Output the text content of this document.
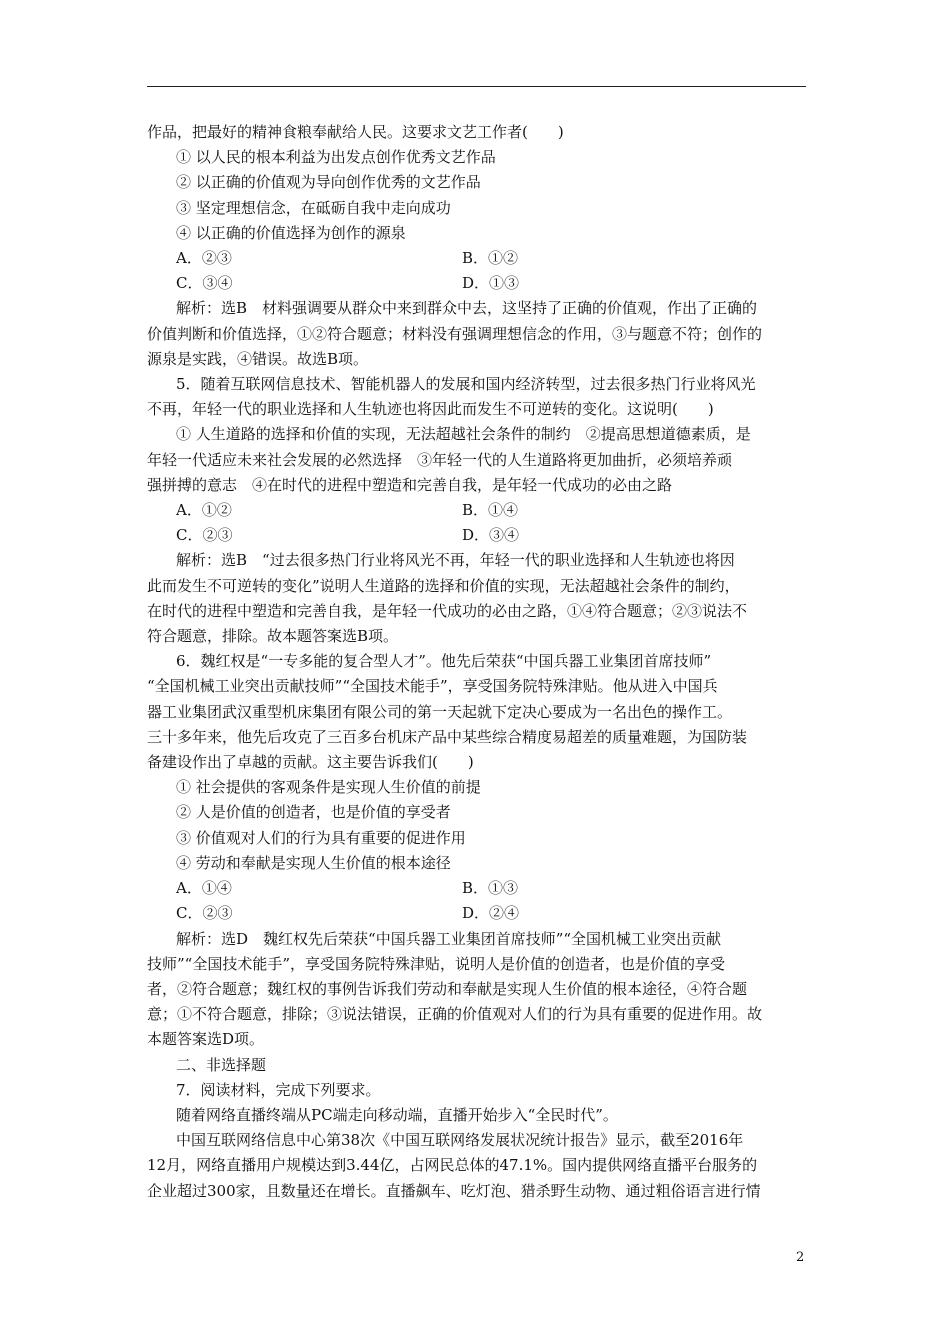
作品，把最好的精神食粮奉献给人民。这要求文艺工作者(　　)
① 以人民的根本利益为出发点创作优秀文艺作品
② 以正确的价值观为导向创作优秀的文艺作品
③ 坚定理想信念，在砥砺自我中走向成功
④ 以正确的价值选择为创作的源泉
A．②③	B．①②
C．③④	D．①③
解析：选B　材料强调要从群众中来到群众中去，这坚持了正确的价值观，作出了正确的
价值判断和价值选择，①②符合题意；材料没有强调理想信念的作用，③与题意不符；创作的
源泉是实践，④错误。故选B项。
5．随着互联网信息技术、智能机器人的发展和国内经济转型，过去很多热门行业将风光
不再，年轻一代的职业选择和人生轨迹也将因此而发生不可逆转的变化。这说明(　　)
① 人生道路的选择和价值的实现，无法超越社会条件的制约　②提高思想道德素质，是
年轻一代适应未来社会发展的必然选择　③年轻一代的人生道路将更加曲折，必须培养顽
强拼搏的意志　④在时代的进程中塑造和完善自我，是年轻一代成功的必由之路
A．①②	B．①④
C．②③	D．③④
解析：选B　“过去很多热门行业将风光不再，年轻一代的职业选择和人生轨迹也将因
此而发生不可逆转的变化”说明人生道路的选择和价值的实现，无法超越社会条件的制约，
在时代的进程中塑造和完善自我，是年轻一代成功的必由之路，①④符合题意；②③说法不
符合题意，排除。故本题答案选B项。
6．魏红权是“一专多能的复合型人才”。他先后荣获“中国兵器工业集团首席技师”
“全国机械工业突出贡献技师”“全国技术能手”，享受国务院特殊津贴。他从进入中国兵
器工业集团武汉重型机床集团有限公司的第一天起就下定决心要成为一名出色的操作工。
三十多年来，他先后攻克了三百多台机床产品中某些综合精度易超差的质量难题，为国防装
备建设作出了卓越的贡献。这主要告诉我们(　　)
① 社会提供的客观条件是实现人生价值的前提
② 人是价值的创造者，也是价值的享受者
③ 价值观对人们的行为具有重要的促进作用
④ 劳动和奉献是实现人生价值的根本途径
A．①④	B．①③
C．②③	D．②④
解析：选D　魏红权先后荣获“中国兵器工业集团首席技师”“全国机械工业突出贡献
技师”“全国技术能手”，享受国务院特殊津贴，说明人是价值的创造者，也是价值的享受
者，②符合题意；魏红权的事例告诉我们劳动和奉献是实现人生价值的根本途径，④符合题
意；①不符合题意，排除；③说法错误，正确的价值观对人们的行为具有重要的促进作用。故
本题答案选D项。
二、非选择题
7．阅读材料，完成下列要求。
随着网络直播终端从PC端走向移动端，直播开始步入“全民时代”。
中国互联网络信息中心第38次《中国互联网络发展状况统计报告》显示，截至2016年
12月，网络直播用户规模达到3.44亿，占网民总体的47.1%。国内提供网络直播平台服务的
企业超过300家，且数量还在增长。直播飙车、吃灯泡、猎杀野生动物、通过粗俗语言进行情
2
